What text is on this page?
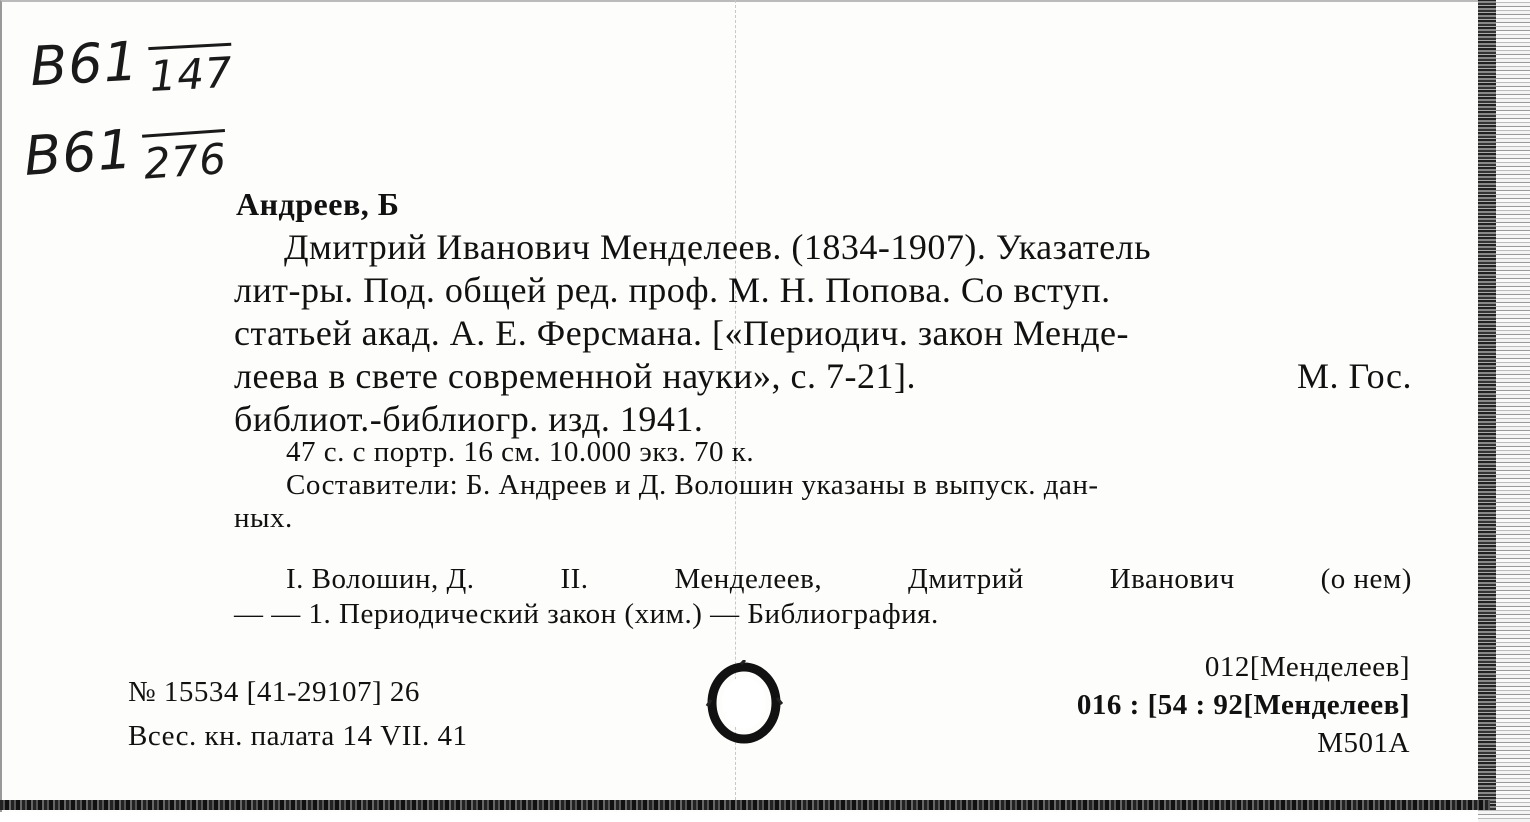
В61 147
В61 276
Андреев, Б
Дмитрий Иванович Менделеев. (1834-1907). Указатель
лит-ры. Под. общей ред. проф. М. Н. Попова. Со вступ.
статьей акад. А. Е. Ферсмана. [«Периодич. закон Менде-
леева в свете современной науки», с. 7-21].	М. Гос.
библиот.-библиогр. изд. 1941.
47 с. с портр. 16 см. 10.000 экз. 70 к.
Составители: Б. Андреев и Д. Волошин указаны в выпуск. дан-
ных.
I. Волошин, Д.	II.	Менделеев,	Дмитрий	Иванович	(о нем)
— — 1. Периодический закон (хим.) — Библиография.
№ 15534 [41-29107] 26
Всес. кн. палата 14 VII. 41
012[Менделеев]
016 : [54 : 92[Менделеев]
M501A
